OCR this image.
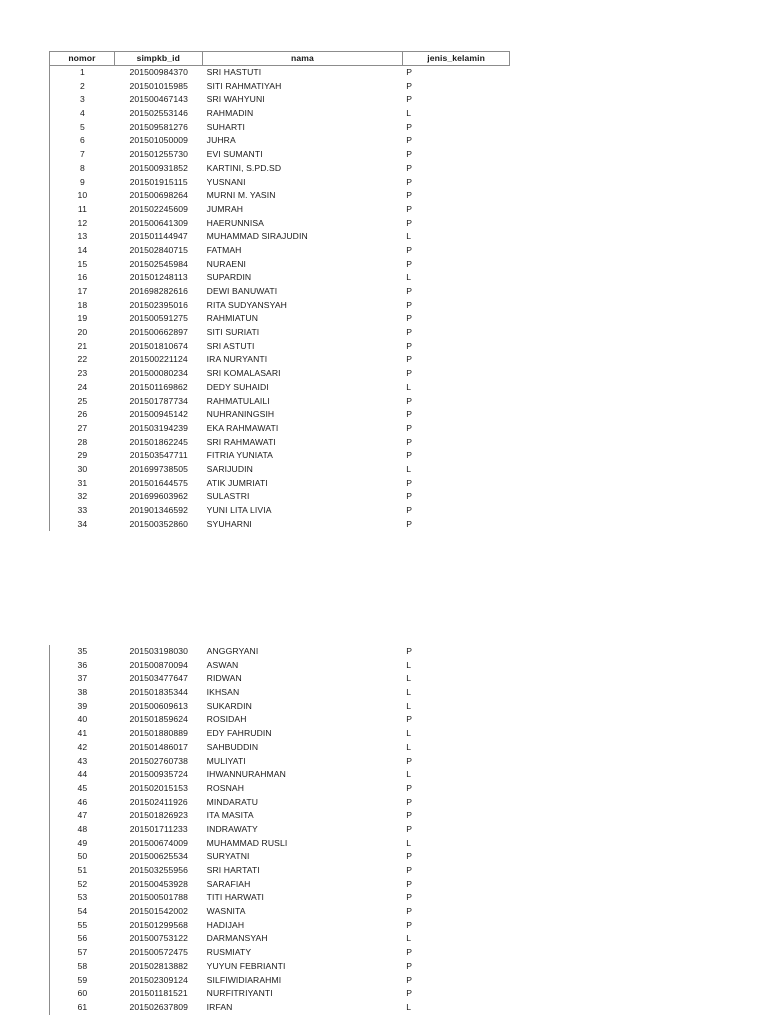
nomor	simpkb_id	nama	jenis_kelamin
1	201500984370	SRI HASTUTI	P
2	201501015985	SITI RAHMATIYAH	P
3	201500467143	SRI WAHYUNI	P
4	201502553146	RAHMADIN	L
5	201509581276	SUHARTI	P
6	201501050009	JUHRA	P
7	201501255730	EVI SUMANTI	P
8	201500931852	KARTINI, S.PD.SD	P
9	201501915115	YUSNANI	P
10	201500698264	MURNI M. YASIN	P
11	201502245609	JUMRAH	P
12	201500641309	HAERUNNISA	P
13	201501144947	MUHAMMAD SIRAJUDIN	L
14	201502840715	FATMAH	P
15	201502545984	NURAENI	P
16	201501248113	SUPARDIN	L
17	201698282616	DEWI BANUWATI	P
18	201502395016	RITA SUDYANSYAH	P
19	201500591275	RAHMIATUN	P
20	201500662897	SITI SURIATI	P
21	201501810674	SRI ASTUTI	P
22	201500221124	IRA NURYANTI	P
23	201500080234	SRI KOMALASARI	P
24	201501169862	DEDY SUHAIDI	L
25	201501787734	RAHMATULAILI	P
26	201500945142	NUHRANINGSIH	P
27	201503194239	EKA RAHMAWATI	P
28	201501862245	SRI RAHMAWATI	P
29	201503547711	FITRIA YUNIATA	P
30	201699738505	SARIJUDIN	L
31	201501644575	ATIK JUMRIATI	P
32	201699603962	SULASTRI	P
33	201901346592	YUNI LITA LIVIA	P
34	201500352860	SYUHARNI	P
35	201503198030	ANGGRYANI	P
36	201500870094	ASWAN	L
37	201503477647	RIDWAN	L
38	201501835344	IKHSAN	L
39	201500609613	SUKARDIN	L
40	201501859624	ROSIDAH	P
41	201501880889	EDY FAHRUDIN	L
42	201501486017	SAHBUDDIN	L
43	201502760738	MULIYATI	P
44	201500935724	IHWANNURAHMAN	L
45	201502015153	ROSNAH	P
46	201502411926	MINDARATU	P
47	201501826923	ITA MASITA	P
48	201501711233	INDRAWATY	P
49	201500674009	MUHAMMAD RUSLI	L
50	201500625534	SURYATNI	P
51	201503255956	SRI HARTATI	P
52	201500453928	SARAFIAH	P
53	201500501788	TITI HARWATI	P
54	201501542002	WASNITA	P
55	201501299568	HADIJAH	P
56	201500753122	DARMANSYAH	L
57	201500572475	RUSMIATY	P
58	201502813882	YUYUN FEBRIANTI	P
59	201502309124	SILFIWIDIARAHMI	P
60	201501181521	NURFITRIYANTI	P
61	201502637809	IRFAN	L
